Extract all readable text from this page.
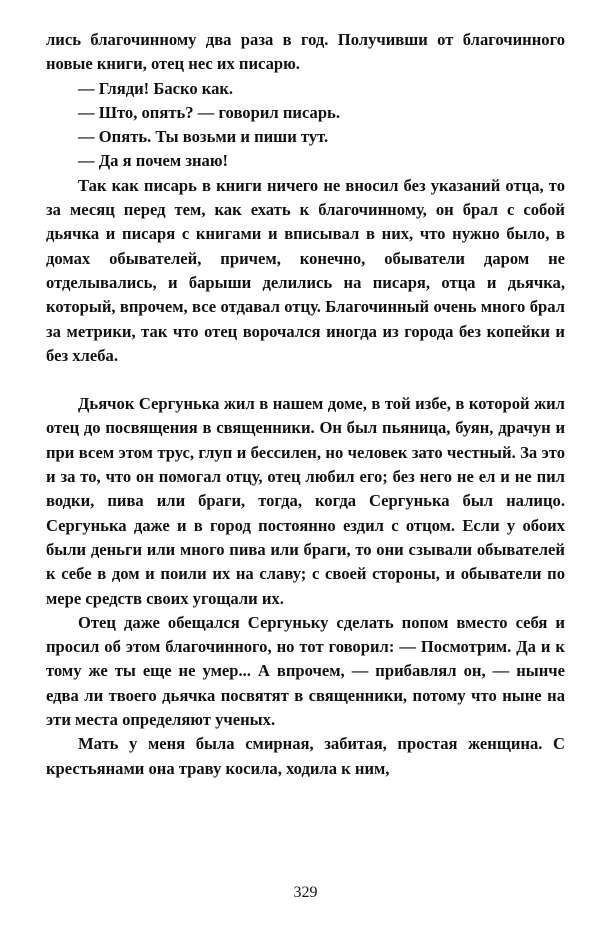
лись благочинному два раза в год. Получивши от благочинного новые книги, отец нес их писарю.

— Гляди! Баско как.

— Што, опять? — говорил писарь.

— Опять. Ты возьми и пиши тут.

— Да я почем знаю!

Так как писарь в книги ничего не вносил без указаний отца, то за месяц перед тем, как ехать к благочинному, он брал с собой дьячка и писаря с книгами и вписывал в них, что нужно было, в домах обывателей, причем, конечно, обыватели даром не отделывались, и барыши делились на писаря, отца и дьячка, который, впрочем, все отдавал отцу. Благочинный очень много брал за метрики, так что отец ворочался иногда из города без копейки и без хлеба.

Дьячок Сергунька жил в нашем доме, в той избе, в которой жил отец до посвящения в священники. Он был пьяница, буян, драчун и при всем этом трус, глуп и бессилен, но человек зато честный. За это и за то, что он помогал отцу, отец любил его; без него не ел и не пил водки, пива или браги, тогда, когда Сергунька был налицо. Сергунька даже и в город постоянно ездил с отцом. Если у обоих были деньги или много пива или браги, то они сзывали обывателей к себе в дом и поили их на славу; с своей стороны, и обыватели по мере средств своих угощали их.

Отец даже обещался Сергуньку сделать попом вместо себя и просил об этом благочинного, но тот говорил: — Посмотрим. Да и к тому же ты еще не умер... А впрочем, — прибавлял он, — нынче едва ли твоего дьячка посвятят в священники, потому что ныне на эти места определяют ученых.

Мать у меня была смирная, забитая, простая женщина. С крестьянами она траву косила, ходила к ним,

329
